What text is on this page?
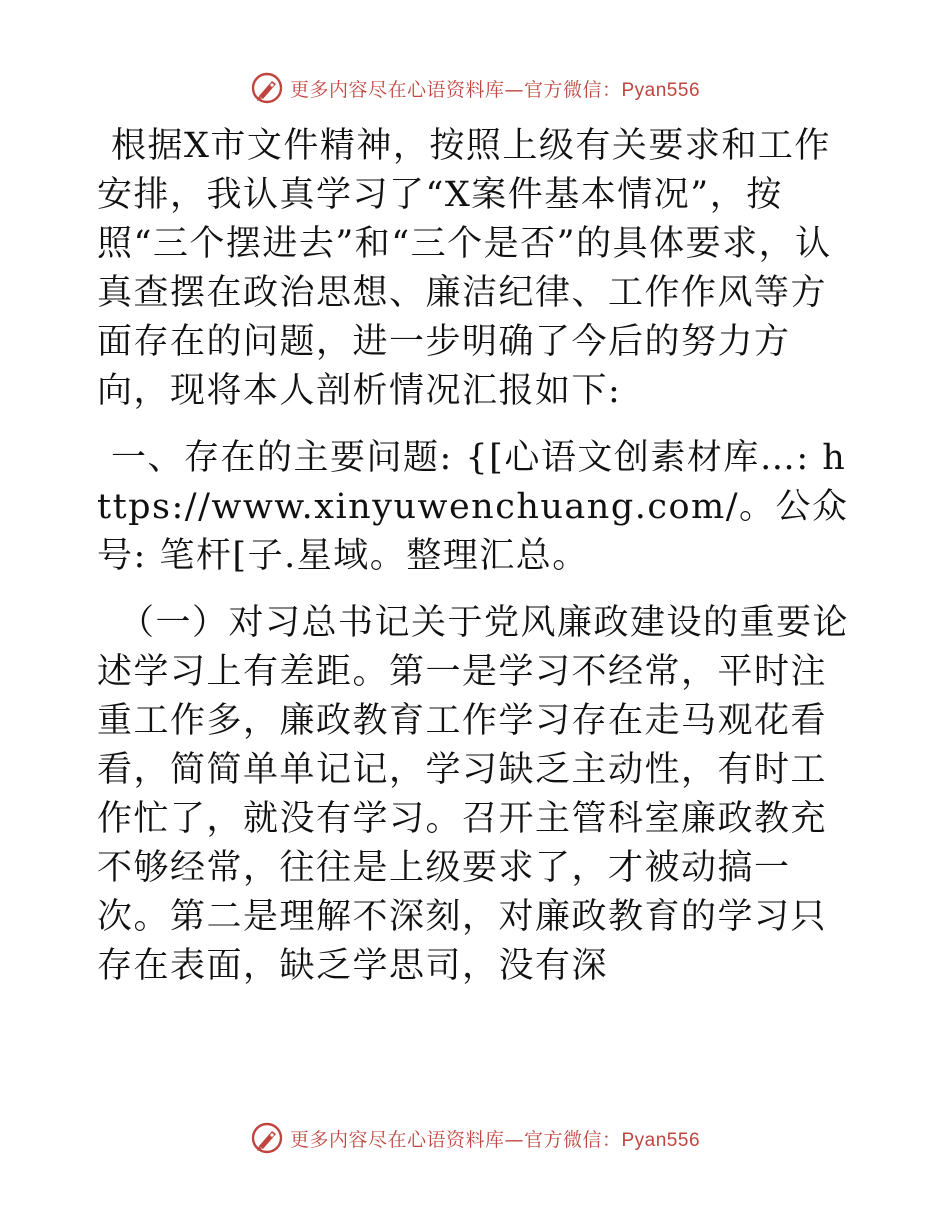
更多内容尽在心语资料库—官方微信：Pyan556

根据X市文件精神，按照上级有关要求和工作安排，我认真学习了“X案件基本情况”，按照“三个摆进去”和“三个是否”的具体要求，认真查摆在政治思想、廉洁纪律、工作作风等方面存在的问题，进一步明确了今后的努力方向，现将本人剖析情况汇报如下:

一、存在的主要问题: {[心语文创素材库…: https://www.xinyuwenchuang.com/。公众号: 笔杆[子.星域。整理汇总。

（一）对习总书记关于党风廉政建设的重要论述学习上有差距。第一是学习不经常，平时注重工作多，廉政教育工作学习存在走马观花看看，简简单单记记，学习缺乏主动性，有时工作忙了，就没有学习。召开主管科室廉政教充不够经常，往往是上级要求了，才被动搞一次。第二是理解不深刻，对廉政教育的学习只存在表面，缺乏学思司，没有深

更多内容尽在心语资料库—官方微信：Pyan556
